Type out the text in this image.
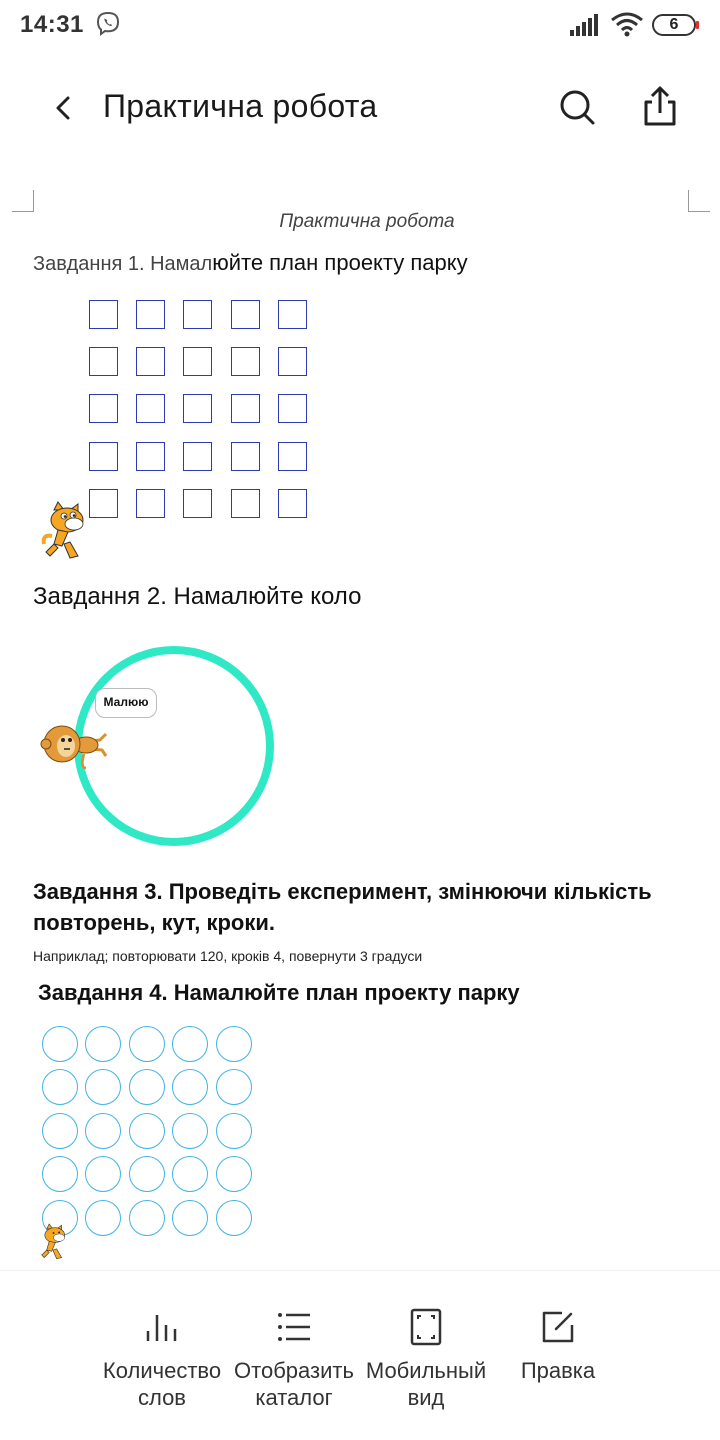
14:31	6
Практична робота
Практична робота
Завдання 1. Намалюйте план проекту парку
Завдання 2. Намалюйте коло
Малюю
Завдання 3. Проведіть експеримент, змінюючи кількість повторень, кут, кроки.
Наприклад; повторювати 120, кроків 4, повернути 3 градуси
Завдання 4. Намалюйте план проекту парку
Количество слов
Отобразить каталог
Мобильный вид
Правка
